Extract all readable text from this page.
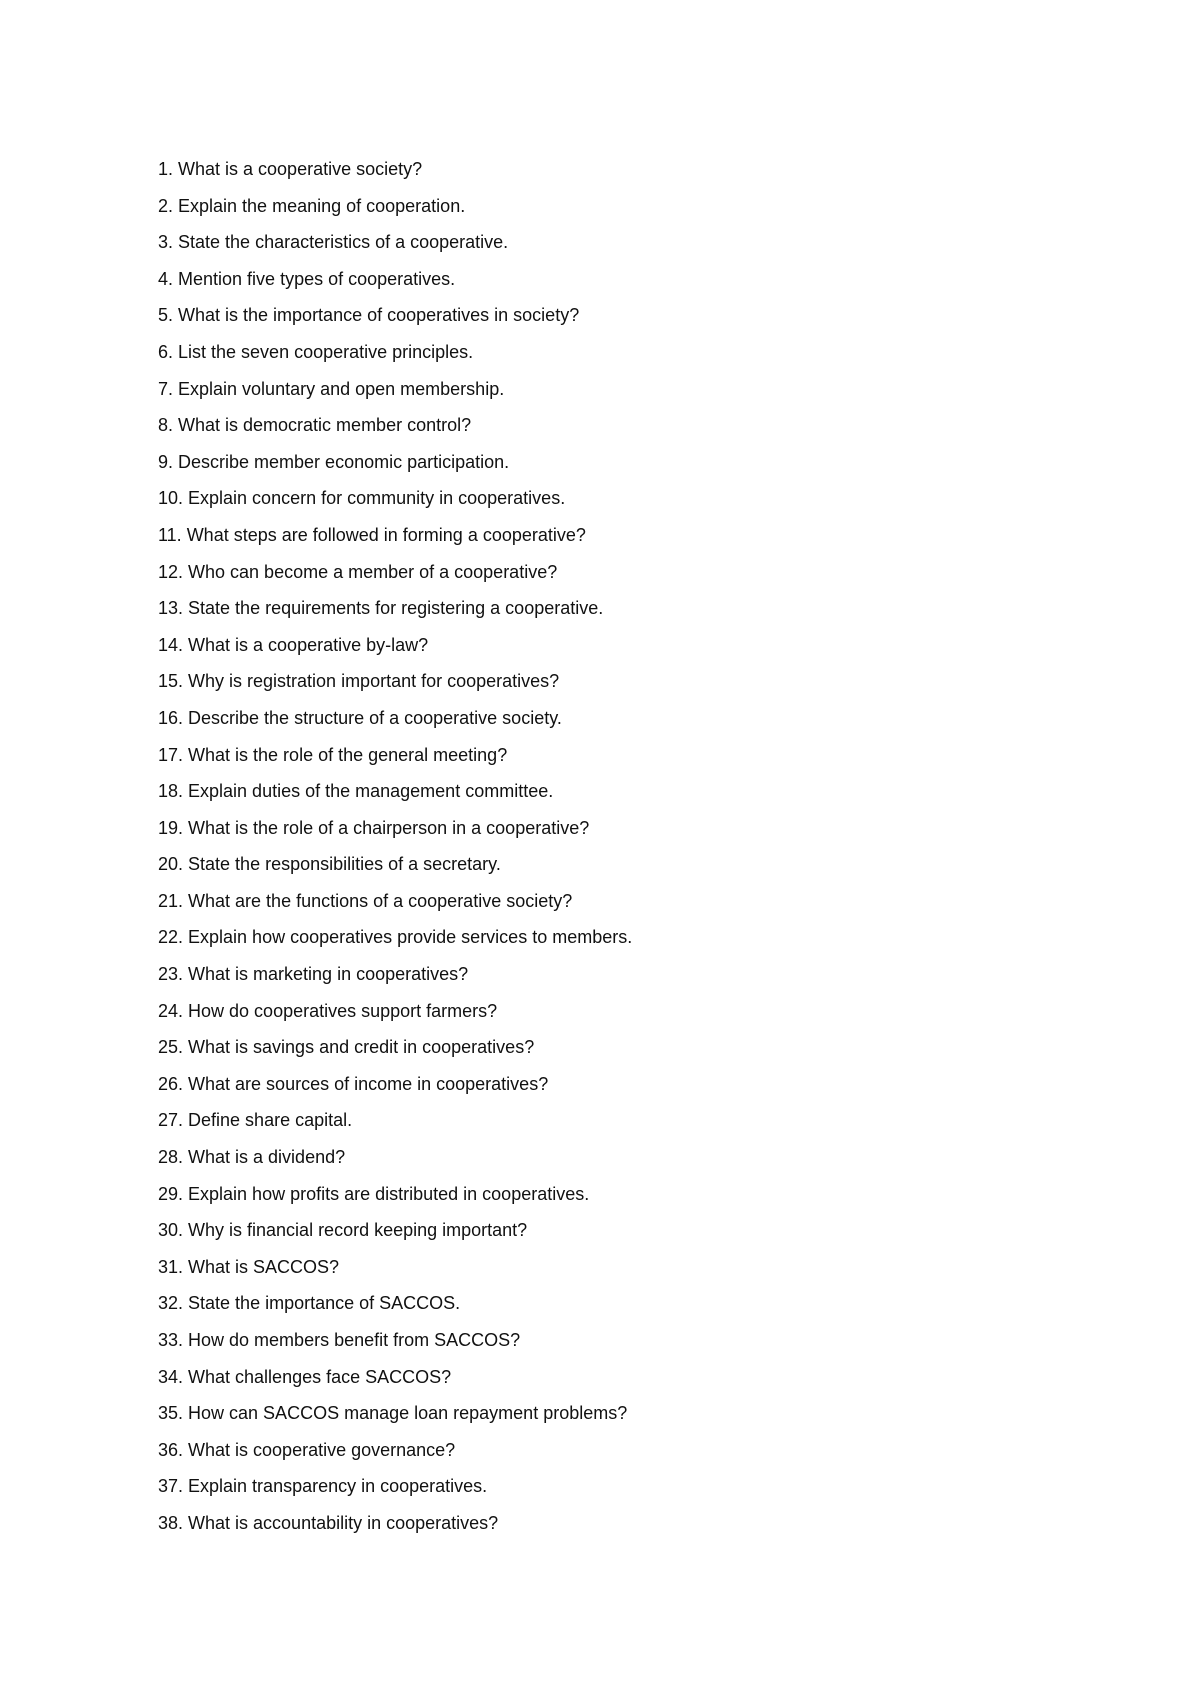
1. What is a cooperative society?
2. Explain the meaning of cooperation.
3. State the characteristics of a cooperative.
4. Mention five types of cooperatives.
5. What is the importance of cooperatives in society?
6. List the seven cooperative principles.
7. Explain voluntary and open membership.
8. What is democratic member control?
9. Describe member economic participation.
10. Explain concern for community in cooperatives.
11. What steps are followed in forming a cooperative?
12. Who can become a member of a cooperative?
13. State the requirements for registering a cooperative.
14. What is a cooperative by-law?
15. Why is registration important for cooperatives?
16. Describe the structure of a cooperative society.
17. What is the role of the general meeting?
18. Explain duties of the management committee.
19. What is the role of a chairperson in a cooperative?
20. State the responsibilities of a secretary.
21. What are the functions of a cooperative society?
22. Explain how cooperatives provide services to members.
23. What is marketing in cooperatives?
24. How do cooperatives support farmers?
25. What is savings and credit in cooperatives?
26. What are sources of income in cooperatives?
27. Define share capital.
28. What is a dividend?
29. Explain how profits are distributed in cooperatives.
30. Why is financial record keeping important?
31. What is SACCOS?
32. State the importance of SACCOS.
33. How do members benefit from SACCOS?
34. What challenges face SACCOS?
35. How can SACCOS manage loan repayment problems?
36. What is cooperative governance?
37. Explain transparency in cooperatives.
38. What is accountability in cooperatives?
